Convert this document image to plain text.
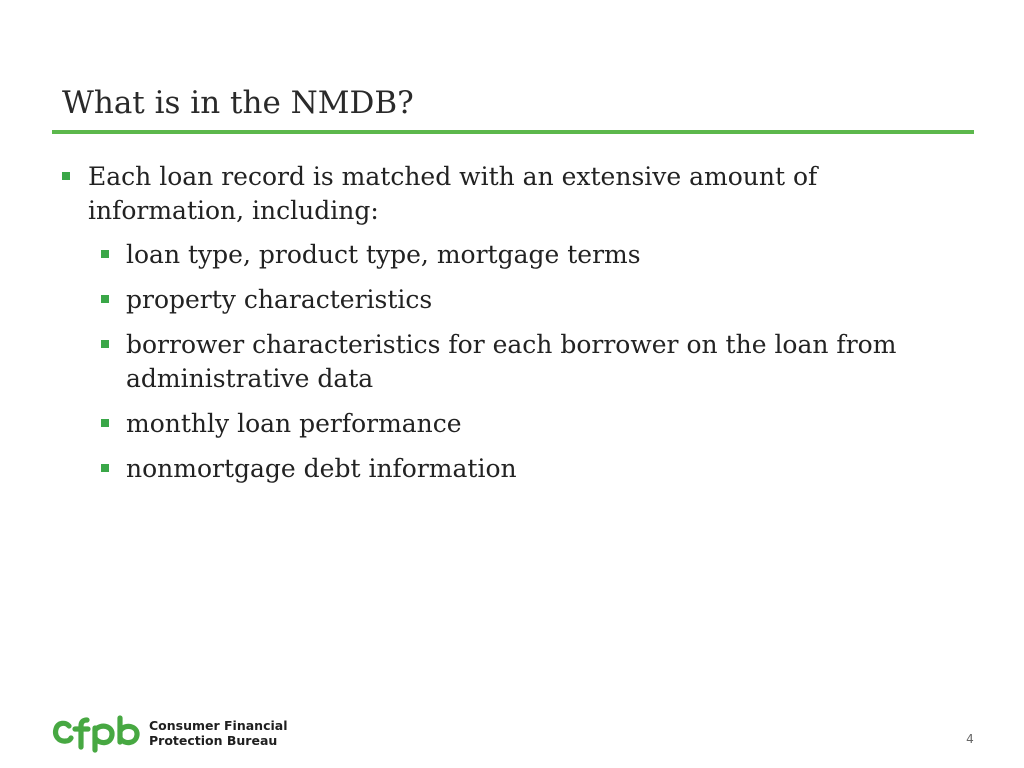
What is in the NMDB?
Each loan record is matched with an extensive amount of information, including:
loan type, product type, mortgage terms
property characteristics
borrower characteristics for each borrower on the loan from administrative data
monthly loan performance
nonmortgage debt information
Consumer Financial
Protection Bureau	4
